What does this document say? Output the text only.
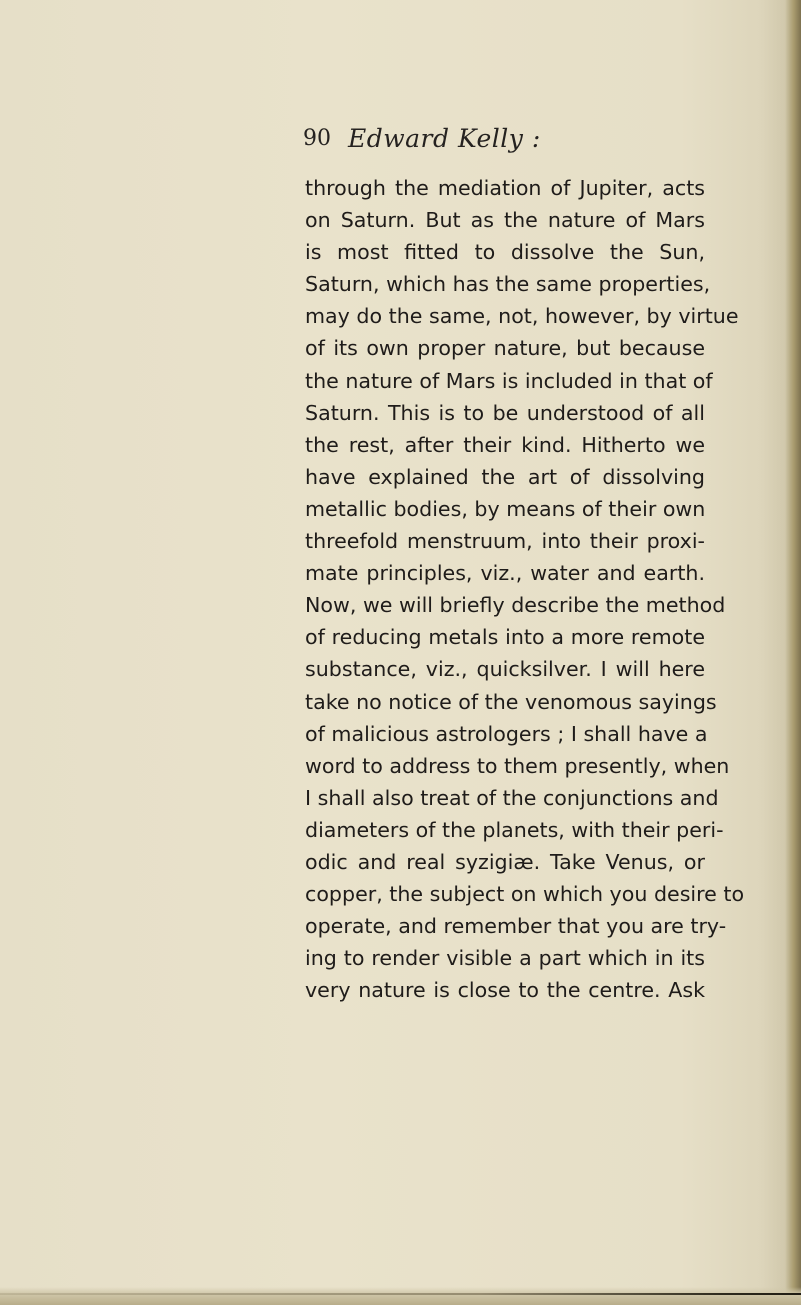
90 Edward Kelly :
through the mediation of Jupiter, acts
on Saturn. But as the nature of Mars
is most fitted to dissolve the Sun,
Saturn, which has the same properties,
may do the same, not, however, by virtue
of its own proper nature, but because
the nature of Mars is included in that of
Saturn. This is to be understood of all
the rest, after their kind. Hitherto we
have explained the art of dissolving
metallic bodies, by means of their own
threefold menstruum, into their proxi-
mate principles, viz., water and earth.
Now, we will briefly describe the method
of reducing metals into a more remote
substance, viz., quicksilver. I will here
take no notice of the venomous sayings
of malicious astrologers ; I shall have a
word to address to them presently, when
I shall also treat of the conjunctions and
diameters of the planets, with their peri-
odic and real syzigiæ. Take Venus, or
copper, the subject on which you desire to
operate, and remember that you are try-
ing to render visible a part which in its
very nature is close to the centre. Ask
